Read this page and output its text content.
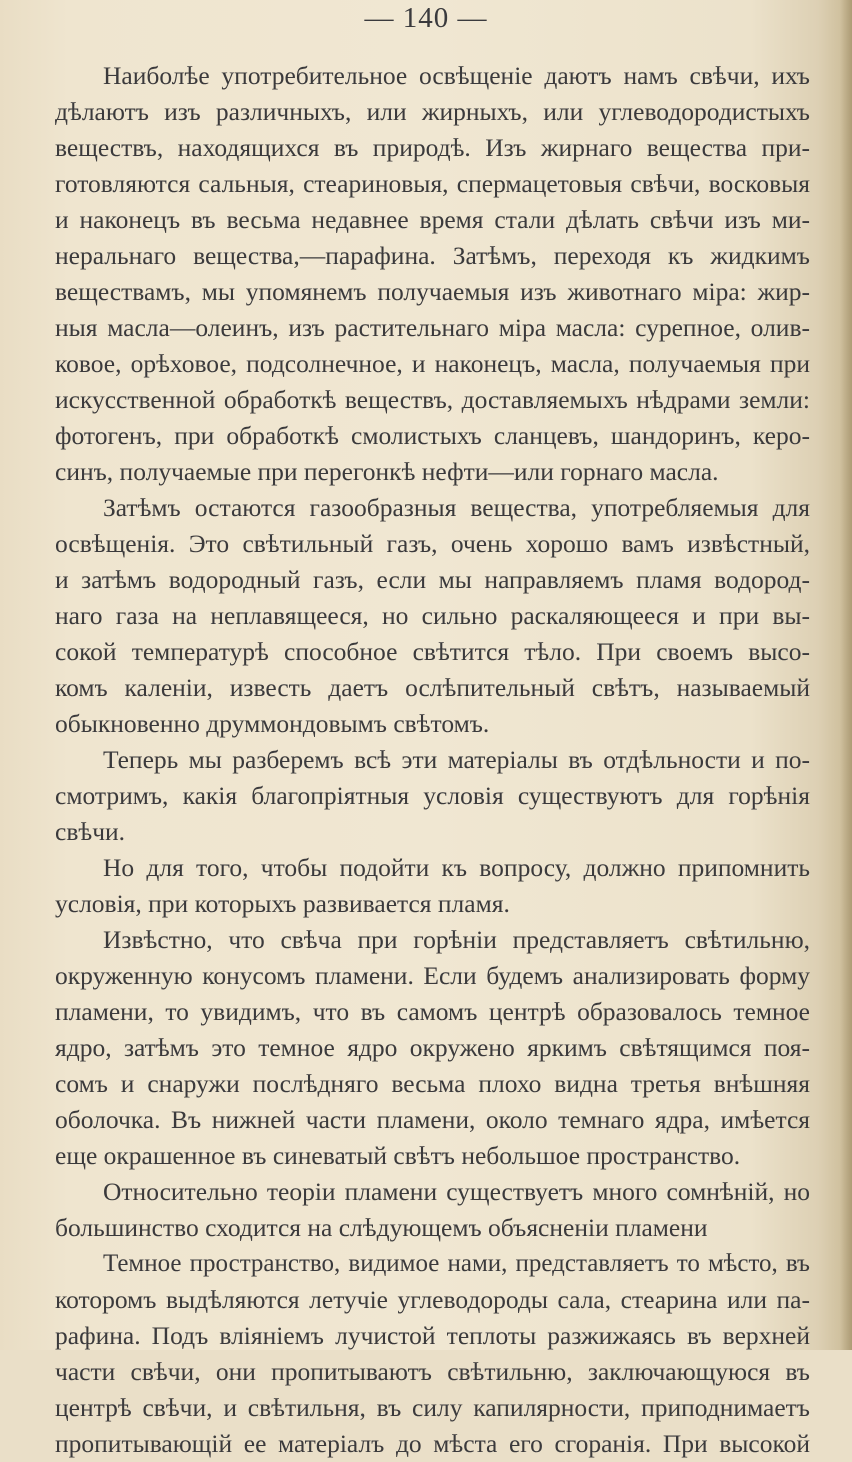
— 140 —
Наиболѣе употребительное освѣщеніе даютъ намъ свѣчи, ихъ
дѣлаютъ изъ различныхъ, или жирныхъ, или углеводородистыхъ
веществъ, находящихся въ природѣ. Изъ жирнаго вещества при-
готовляются сальныя, стеариновыя, спермацетовыя свѣчи, восковыя
и наконецъ въ весьма недавнее время стали дѣлать свѣчи изъ ми-
неральнаго вещества,—парафина. Затѣмъ, переходя къ жидкимъ
веществамъ, мы упомянемъ получаемыя изъ животнаго міра: жир-
ныя масла—олеинъ, изъ растительнаго міра масла: сурепное, олив-
ковое, орѣховое, подсолнечное, и наконецъ, масла, получаемыя при
искусственной обработкѣ веществъ, доставляемыхъ нѣдрами земли:
фотогенъ, при обработкѣ смолистыхъ сланцевъ, шандоринъ, керо-
синъ, получаемые при перегонкѣ нефти—или горнаго масла.
Затѣмъ остаются газообразныя вещества, употребляемыя для
освѣщенія. Это свѣтильный газъ, очень хорошо вамъ извѣстный,
и затѣмъ водородный газъ, если мы направляемъ пламя водород-
наго газа на неплавящееся, но сильно раскаляющееся и при вы-
сокой температурѣ способное свѣтится тѣло. При своемъ высо-
комъ каленіи, известь даетъ ослѣпительный свѣтъ, называемый
обыкновенно друммондовымъ свѣтомъ.
Теперь мы разберемъ всѣ эти матеріалы въ отдѣльности и по-
смотримъ, какія благопріятныя условія существуютъ для горѣнія
свѣчи.
Но для того, чтобы подойти къ вопросу, должно припомнить
условія, при которыхъ развивается пламя.
Извѣстно, что свѣча при горѣніи представляетъ свѣтильню,
окруженную конусомъ пламени. Если будемъ анализировать форму
пламени, то увидимъ, что въ самомъ центрѣ образовалось темное
ядро, затѣмъ это темное ядро окружено яркимъ свѣтящимся поя-
сомъ и снаружи послѣдняго весьма плохо видна третья внѣшняя
оболочка. Въ нижней части пламени, около темнаго ядра, имѣется
еще окрашенное въ синеватый свѣтъ небольшое пространство.
Относительно теоріи пламени существуетъ много сомнѣній, но
большинство сходится на слѣдующемъ объясненіи пламени
Темное пространство, видимое нами, представляетъ то мѣсто, въ
которомъ выдѣляются летучіе углеводороды сала, стеарина или па-
рафина. Подъ вліяніемъ лучистой теплоты разжижаясь въ верхней
части свѣчи, они пропитываютъ свѣтильню, заключающуюся въ
центрѣ свѣчи, и свѣтильня, въ силу капилярности, приподнимаетъ
пропитывающій ее матеріалъ до мѣста его сгоранія. При высокой
